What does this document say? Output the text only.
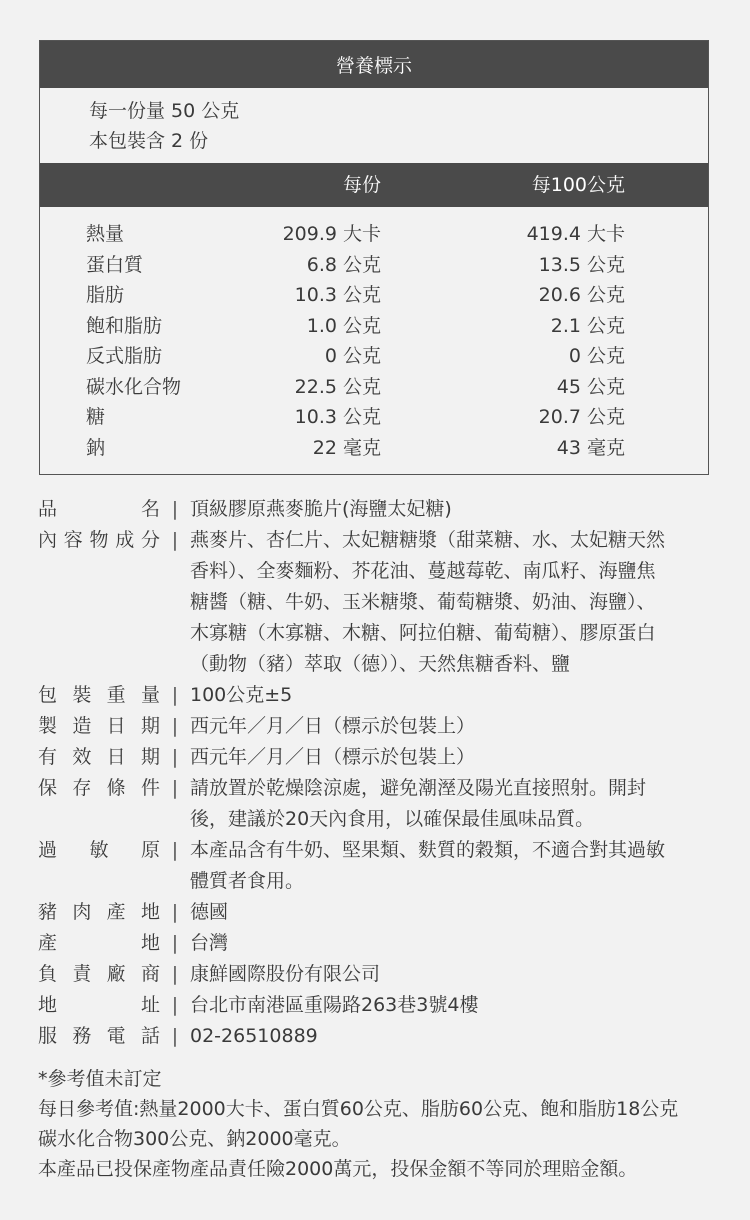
營養標示
每一份量 50 公克
本包裝含 2 份
每份	每100公克
熱量	209.9 大卡	419.4 大卡
蛋白質	6.8 公克	13.5 公克
脂肪	10.3 公克	20.6 公克
飽和脂肪	1.0 公克	2.1 公克
反式脂肪	0 公克	0 公克
碳水化合物	22.5 公克	45 公克
糖	10.3 公克	20.7 公克
鈉	22 毫克	43 毫克
品	名 | 頂級膠原燕麥脆片(海鹽太妃糖)
內 容 物 成 分 | 燕麥片、杏仁片、太妃糖糖漿（甜菜糖、水、太妃糖天然
香料）、全麥麵粉、芥花油、蔓越莓乾、南瓜籽、海鹽焦
糖醬（糖、牛奶、玉米糖漿、葡萄糖漿、奶油、海鹽）、
木寡糖（木寡糖、木糖、阿拉伯糖、葡萄糖）、膠原蛋白
（動物（豬）萃取（德））、天然焦糖香料、鹽
包 裝 重 量 | 100公克±5
製 造 日 期 | 西元年／月／日（標示於包裝上）
有 效 日 期 | 西元年／月／日（標示於包裝上）
保 存 條 件 | 請放置於乾燥陰涼處，避免潮溼及陽光直接照射。開封
後，建議於20天內食用，以確保最佳風味品質。
過 敏 原 | 本產品含有牛奶、堅果類、麩質的穀類，不適合對其過敏
體質者食用。
豬 肉 產 地 | 德國
產	地 | 台灣
負 責 廠 商 | 康鮮國際股份有限公司
地	址 | 台北市南港區重陽路263巷3號4樓
服 務 電 話 | 02-26510889
*參考值未訂定
每日參考值:熱量2000大卡、蛋白質60公克、脂肪60公克、飽和脂肪18公克
碳水化合物300公克、鈉2000毫克。
本產品已投保產物產品責任險2000萬元，投保金額不等同於理賠金額。
